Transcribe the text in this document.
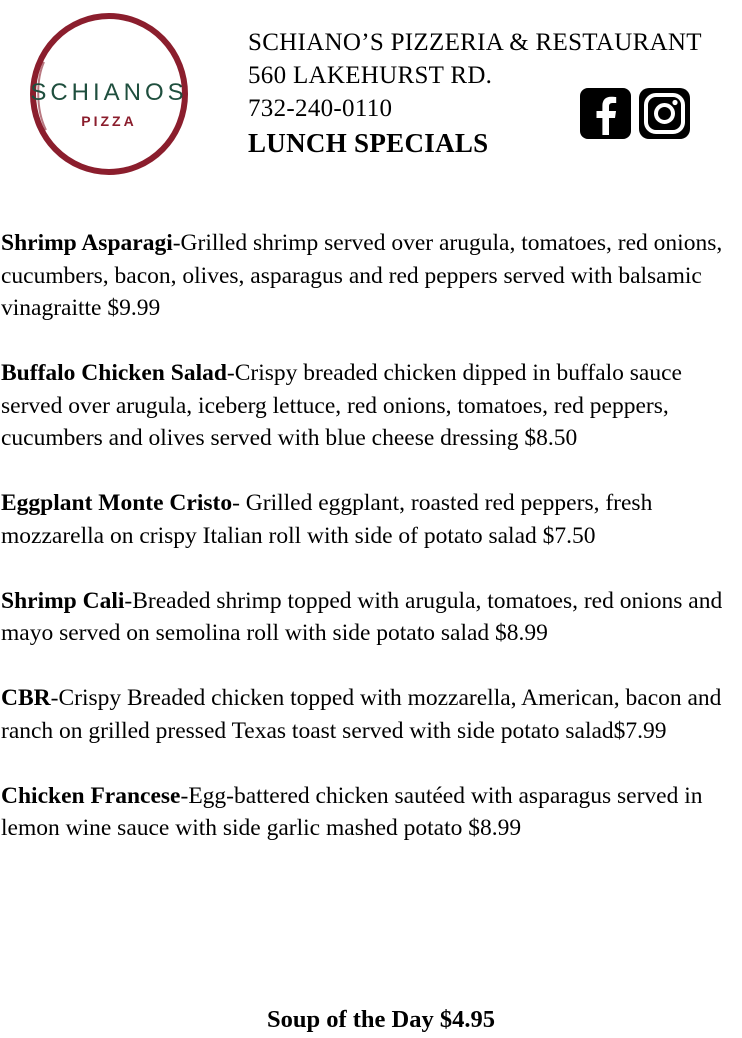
SCHIANOS
PIZZA
SCHIANO’S PIZZERIA & RESTAURANT
560 LAKEHURST RD.
732-240-0110
LUNCH SPECIALS

Shrimp Asparagi-Grilled shrimp served over arugula, tomatoes, red onions, cucumbers, bacon, olives, asparagus and red peppers served with balsamic vinagraitte $9.99

Buffalo Chicken Salad-Crispy breaded chicken dipped in buffalo sauce served over arugula, iceberg lettuce, red onions, tomatoes, red peppers, cucumbers and olives served with blue cheese dressing $8.50

Eggplant Monte Cristo- Grilled eggplant, roasted red peppers, fresh mozzarella on crispy Italian roll with side of potato salad $7.50

Shrimp Cali-Breaded shrimp topped with arugula, tomatoes, red onions and mayo served on semolina roll with side potato salad $8.99

CBR-Crispy Breaded chicken topped with mozzarella, American, bacon and ranch on grilled pressed Texas toast served with side potato salad$7.99

Chicken Francese-Egg-battered chicken sautéed with asparagus served in lemon wine sauce with side garlic mashed potato $8.99

Soup of the Day $4.95
